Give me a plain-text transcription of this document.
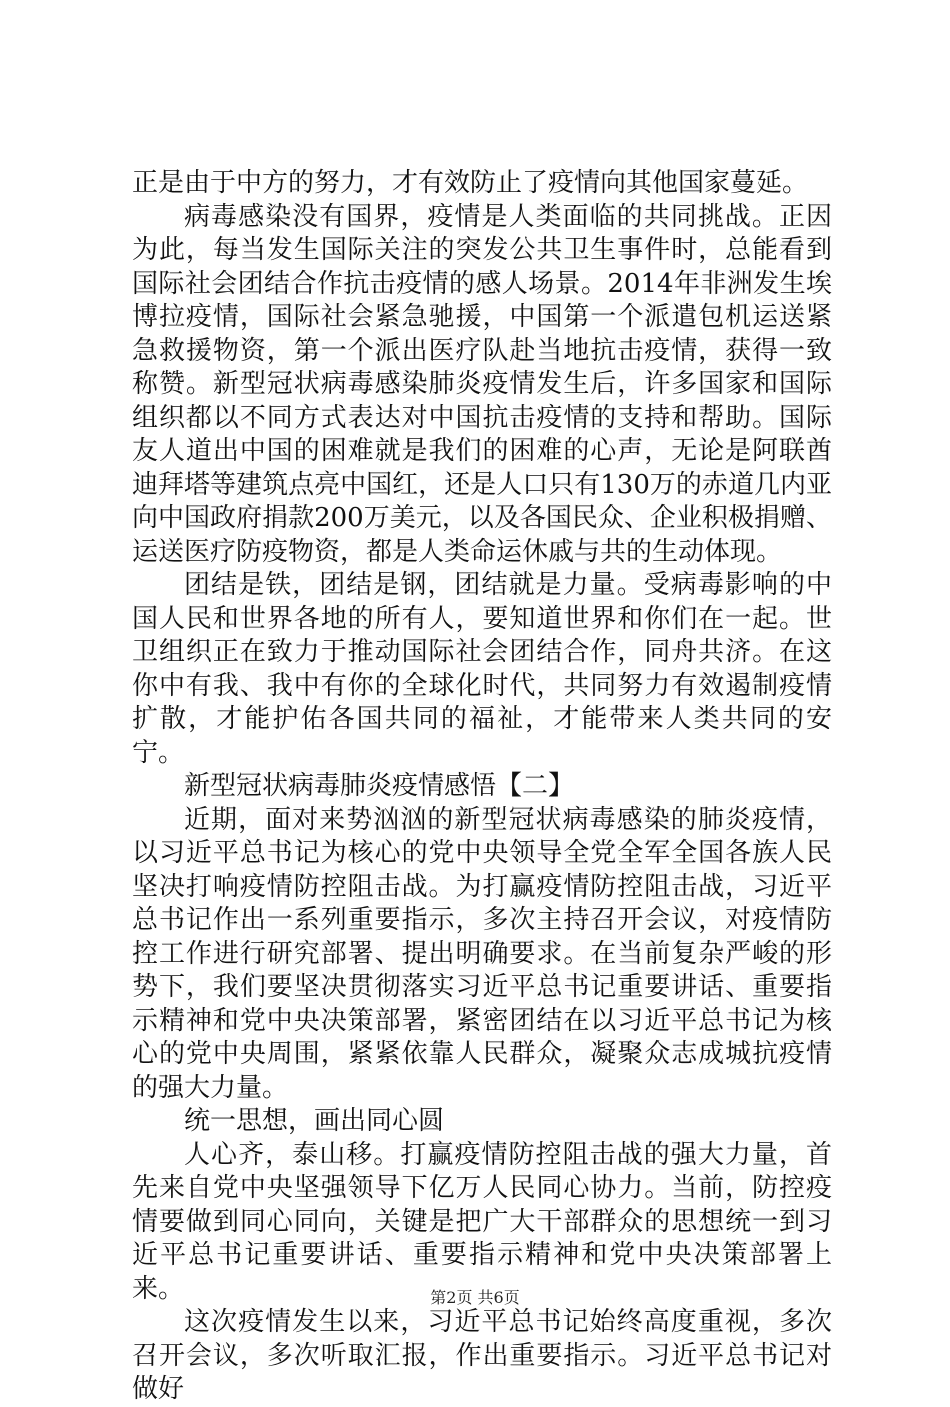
正是由于中方的努力，才有效防止了疫情向其他国家蔓延。

病毒感染没有国界，疫情是人类面临的共同挑战。正因为此，每当发生国际关注的突发公共卫生事件时，总能看到国际社会团结合作抗击疫情的感人场景。2014年非洲发生埃博拉疫情，国际社会紧急驰援，中国第一个派遣包机运送紧急救援物资，第一个派出医疗队赴当地抗击疫情，获得一致称赞。新型冠状病毒感染肺炎疫情发生后，许多国家和国际组织都以不同方式表达对中国抗击疫情的支持和帮助。国际友人道出中国的困难就是我们的困难的心声，无论是阿联酋迪拜塔等建筑点亮中国红，还是人口只有130万的赤道几内亚向中国政府捐款200万美元，以及各国民众、企业积极捐赠、运送医疗防疫物资，都是人类命运休戚与共的生动体现。

团结是铁，团结是钢，团结就是力量。受病毒影响的中国人民和世界各地的所有人，要知道世界和你们在一起。世卫组织正在致力于推动国际社会团结合作，同舟共济。在这你中有我、我中有你的全球化时代，共同努力有效遏制疫情扩散，才能护佑各国共同的福祉，才能带来人类共同的安宁。

新型冠状病毒肺炎疫情感悟【二】

近期，面对来势汹汹的新型冠状病毒感染的肺炎疫情，以习近平总书记为核心的党中央领导全党全军全国各族人民坚决打响疫情防控阻击战。为打赢疫情防控阻击战，习近平总书记作出一系列重要指示，多次主持召开会议，对疫情防控工作进行研究部署、提出明确要求。在当前复杂严峻的形势下，我们要坚决贯彻落实习近平总书记重要讲话、重要指示精神和党中央决策部署，紧密团结在以习近平总书记为核心的党中央周围，紧紧依靠人民群众，凝聚众志成城抗疫情的强大力量。

统一思想，画出同心圆

人心齐，泰山移。打赢疫情防控阻击战的强大力量，首先来自党中央坚强领导下亿万人民同心协力。当前，防控疫情要做到同心同向，关键是把广大干部群众的思想统一到习近平总书记重要讲话、重要指示精神和党中央决策部署上来。

这次疫情发生以来，习近平总书记始终高度重视，多次召开会议，多次听取汇报，作出重要指示。习近平总书记对做好

第2页 共6页
